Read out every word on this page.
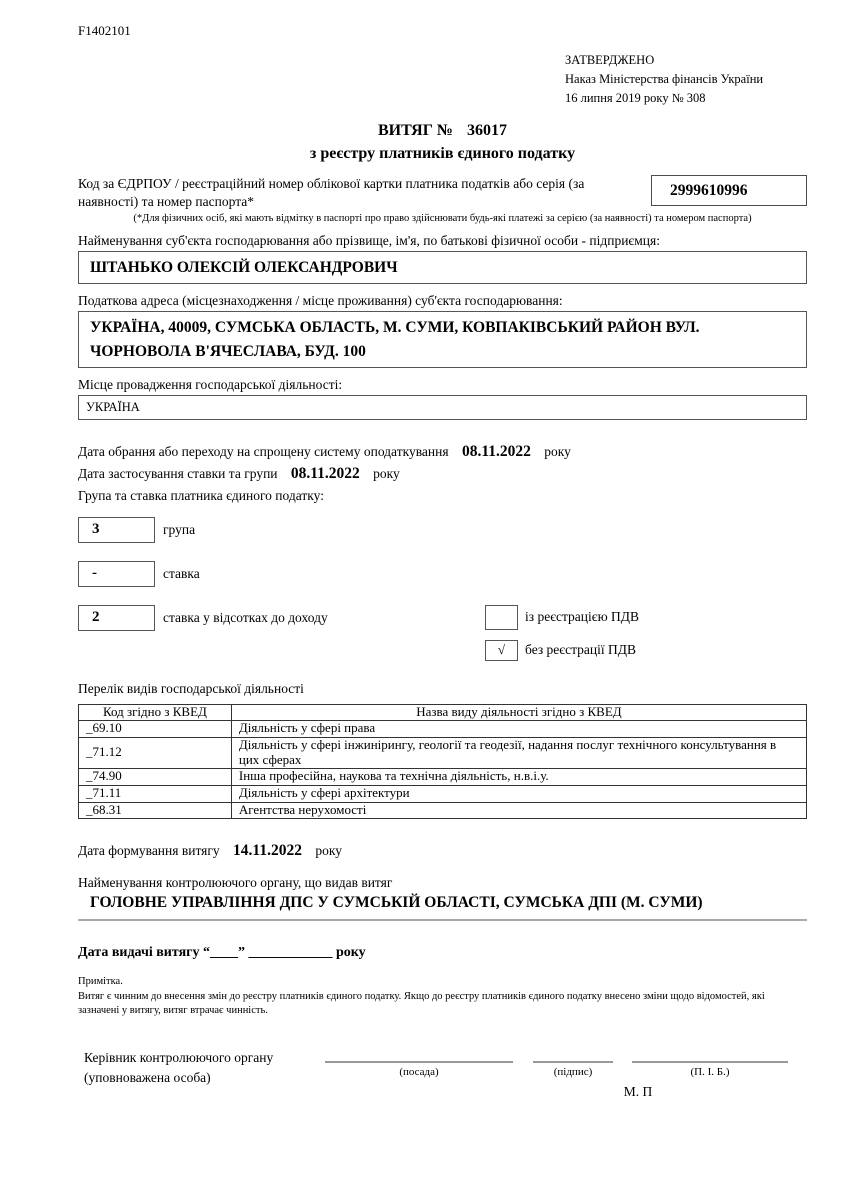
F1402101
ЗАТВЕРДЖЕНО
Наказ Міністерства фінансів України
16 липня 2019 року № 308
ВИТЯГ № 36017
з реєстру платників єдиного податку
Код за ЄДРПОУ / реєстраційний номер облікової картки платника податків або серія (за наявності) та номер паспорта*
2999610996
(*Для фізичних осіб, які мають відмітку в паспорті про право здійснювати будь-які платежі за серією (за наявності) та номером паспорта)
Найменування суб'єкта господарювання або прізвище, ім'я, по батькові фізичної особи - підприємця:
ШТАНЬКО ОЛЕКСІЙ ОЛЕКСАНДРОВИЧ
Податкова адреса (місцезнаходження / місце проживання) суб'єкта господарювання:
УКРАЇНА, 40009, СУМСЬКА ОБЛАСТЬ, М. СУМИ, КОВПАКІВСЬКИЙ РАЙОН ВУЛ. ЧОРНОВОЛА В'ЯЧЕСЛАВА, БУД. 100
Місце провадження господарської діяльності:
УКРАЇНА
Дата обрання або переходу на спрощену систему оподаткування 08.11.2022 року
Дата застосування ставки та групи 08.11.2022 року
Група та ставка платника єдиного податку:
3	група
-	ставка
2	ставка у відсотках до доходу	із реєстрацією ПДВ
√	без реєстрації ПДВ
Перелік видів господарської діяльності
Код згідно з КВЕД	Назва виду діяльності згідно з КВЕД
_69.10	Діяльність у сфері права
_71.12	Діяльність у сфері інжинірингу, геології та геодезії, надання послуг технічного консультування в цих сферах
_74.90	Інша професійна, наукова та технічна діяльність, н.в.і.у.
_71.11	Діяльність у сфері архітектури
_68.31	Агентства нерухомості
Дата формування витягу 14.11.2022 року
Найменування контролюючого органу, що видав витяг
ГОЛОВНЕ УПРАВЛІННЯ ДПС У СУМСЬКІЙ ОБЛАСТІ, СУМСЬКА ДПІ (М. СУМИ)
Дата видачі витягу “____” ____________ року
Примітка.
Витяг є чинним до внесення змін до реєстру платників єдиного податку. Якщо до реєстру платників єдиного податку внесено зміни щодо відомостей, які зазначені у витягу, витяг втрачає чинність.
Керівник контролюючого органу
(уповноважена особа)	(посада)	(підпис)	(П. І. Б.)
М. П
